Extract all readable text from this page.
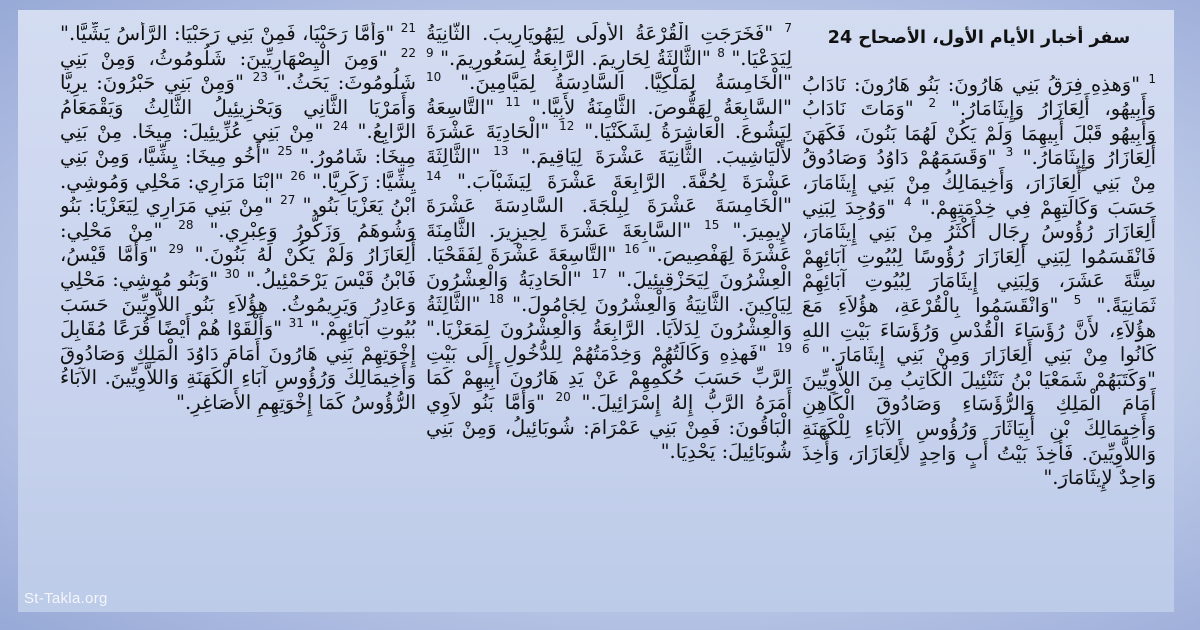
سفر أخبار الأيام الأول، الأصحاح 24
$^1$ "وَهذِهِ فِرَقُ بَنِي هَارُونَ: بَنُو هَارُونَ: نَادَابُ وَأَبِيهُو، أَلِعَازَارُ وَإِيثَامَارُ." $^2$ "وَمَاتَ نَادَابُ وَأَبِيهُو قَبْلَ أَبِيهِمَا وَلَمْ يَكُنْ لَهُمَا بَنُونَ، فَكَهَنَ أَلِعَازَارُ وَإِيثَامَارُ." $^3$ "وَقَسَمَهُمْ دَاوُدُ وَصَادُوقُ مِنْ بَنِي أَلِعَازَارَ، وَأَخِيمَالِكُ مِنْ بَنِي إِيثَامَارَ، حَسَبَ وَكَالَتِهِمْ فِي خِدْمَتِهِمْ." $^4$ "وَوُجِدَ لِبَنِي أَلِعَازَارَ رُؤُوسُ رِجَال أَكْثَرُ مِنْ بَنِي إِيثَامَارَ، فَانْقَسَمُوا لِبَنِي أَلِعَازَارَ رُؤُوسًا لِبُيُوتِ آبَائِهِمْ سِتَّةَ عَشَرَ، وَلِبَنِي إِيثَامَارَ لِبُيُوتِ آبَائِهِمْ ثَمَانِيَةً." $^5$ "وَانْقَسَمُوا بِالْقُرْعَةِ، هؤُلاَءِ مَعَ هؤُلاَءِ، لأَنَّ رُؤَسَاءَ الْقُدْسِ وَرُؤَسَاءَ بَيْتِ اللهِ كَانُوا مِنْ بَنِي أَلِعَازَارَ وَمِنْ بَنِي إِيثَامَارَ." $^6$ "وَكَتَبَهُمْ شَمَعْيَا بْنُ نَثَنْئِيلَ الْكَاتِبُ مِنَ اللاَّوِيِّينَ أَمَامَ الْمَلِكِ وَالرُّؤَسَاءِ وَصَادُوقَ الْكَاهِنِ وَأَخِيمَالِكَ بْنِ أَبِيَاثَارَ وَرُؤُوسِ الآبَاءِ لِلْكَهَنَةِ وَاللاَّوِيِّينَ. فَأُخِذَ بَيْتُ أَبٍ وَاحِدٍ لأَلِعَازَارَ، وَأُخِذَ وَاحِدٌ لإِيثَامَارَ."
$^7$ "فَخَرَجَتِ الْقُرْعَةُ الأُولَى لِيَهُويَارِيبَ. الثَّانِيَةُ لِيَدَعْيَا." $^8$ "الثَّالِثَةُ لِحَارِيمَ. الرَّابِعَةُ لِسَعُورِيمَ." $^9$ "الْخَامِسَةُ لِمَلْكِيَّا. السَّادِسَةُ لِمَيَّامِينَ." $^{10}$ "السَّابِعَةُ لِهَقُّوصَ. الثَّامِنَةُ لأَبِيَّا." $^{11}$ "التَّاسِعَةُ لِيَشُوعَ. الْعَاشِرَةُ لِشَكَنْيَا." $^{12}$ "الْحَادِيَةَ عَشْرَةَ لأَلْيَاشِيبَ. الثَّانِيَةَ عَشْرَةَ لِيَاقِيمَ." $^{13}$ "الثَّالِثَةَ عَشْرَةَ لِحُفَّةَ. الرَّابِعَةَ عَشْرَةَ لِيَشَبْآبَ." $^{14}$ "الْخَامِسَةَ عَشْرَةَ لِبِلْجَةَ. السَّادِسَةَ عَشْرَةَ لإِيمِيرَ." $^{15}$ "السَّابِعَةَ عَشْرَةَ لِحِيزِيرَ. الثَّامِنَةَ عَشْرَةَ لِهَفْصِيصَ." $^{16}$ "التَّاسِعَةَ عَشْرَةَ لِفَقَحْيَا. الْعِشْرُونَ لِيَحَزْقِيئِيلَ." $^{17}$ "الْحَادِيَةُ وَالْعِشْرُونَ لِيَاكِينَ. الثَّانِيَةُ وَالْعِشْرُونَ لِجَامُولَ." $^{18}$ "الثَّالِثَةُ وَالْعِشْرُونَ لِدَلاَيَا. الرَّابِعَةُ وَالْعِشْرُونَ لِمَعَزْيَا." $^{19}$ "فَهذِهِ وَكَالَتُهُمْ وَخِدْمَتُهُمْ لِلدُّخُولِ إِلَى بَيْتِ الرَّبِّ حَسَبَ حُكْمِهِمْ عَنْ يَدِ هَارُونَ أَبِيهِمْ كَمَا أَمَرَهُ الرَّبُّ إِلهُ إِسْرَائِيلَ." $^{20}$ "وَأَمَّا بَنُو لاَوِي الْبَاقُونَ: فَمِنْ بَنِي عَمْرَامَ: شُوبَائِيلُ، وَمِنْ بَنِي شُوبَائِيلَ: يَحْدِيَا."
$^{21}$ "وَأَمَّا رَحَبْيَا، فَمِنْ بَنِي رَحَبْيَا: الرَّأْسُ يَشِّيَّا." $^{22}$ "وَمِنَ الْيِصْهَارِيِّينَ: شَلُومُوثُ، وَمِنْ بَنِي شَلُومُوثَ: يَحَثُ." $^{23}$ "وَمِنْ بَنِي حَبْرُونَ: يرِيَّا وَأَمَرْيَا الثَّانِي وَيَحْزِيئِيلُ الثَّالِثُ وَيَقْمَعَامُ الرَّابِعُ." $^{24}$ "مِنْ بَنِي عُزِّيئِيلَ: مِيخَا. مِنْ بَنِي مِيخَا: شَامُورُ." $^{25}$ "أَخُو مِيخَا: يِشِّيَّا، وَمِنْ بَنِي يِشِّيَّا: زَكَرِيَّا." $^{26}$ "ابْنَا مَرَارِي: مَحْلِي وَمُوشِي. ابْنُ يَعَزْيَا بَنُو." $^{27}$ "مِنْ بَنِي مَرَارِي لِيَعَزْيَا: بَنُو وَشُوهَمُ وَزَكُّورُ وَعِبْرِي." $^{28}$ "مِنْ مَحْلِي: أَلِعَازَارُ وَلَمْ يَكُنْ لَهُ بَنُونَ." $^{29}$ "وَأَمَّا قَيْسُ، فَابْنُ قَيْسَ يَرْحَمْئِيلُ." $^{30}$ "وَبَنُو مُوشِي: مَحْلِي وَعَادِرُ وَيَرِيمُوثُ. هؤُلاَءِ بَنُو اللاَّوِيِّينَ حَسَبَ بُيُوتِ آبَائِهِمْ." $^{31}$ "وَأَلْقَوْا هُمْ أَيْضًا قُرَعًا مُقَابِلَ إِخْوَتِهِمْ بَنِي هَارُونَ أَمَامَ دَاوُدَ الْمَلِكِ وَصَادُوقَ وَأَخِيمَالِكَ وَرُؤُوسِ آبَاءِ الْكَهَنَةِ وَاللاَّوِيِّينَ. الآبَاءُ الرُّؤُوسُ كَمَا إِخْوَتِهِمِ الأَصَاغِرِ."
St-Takla.org
